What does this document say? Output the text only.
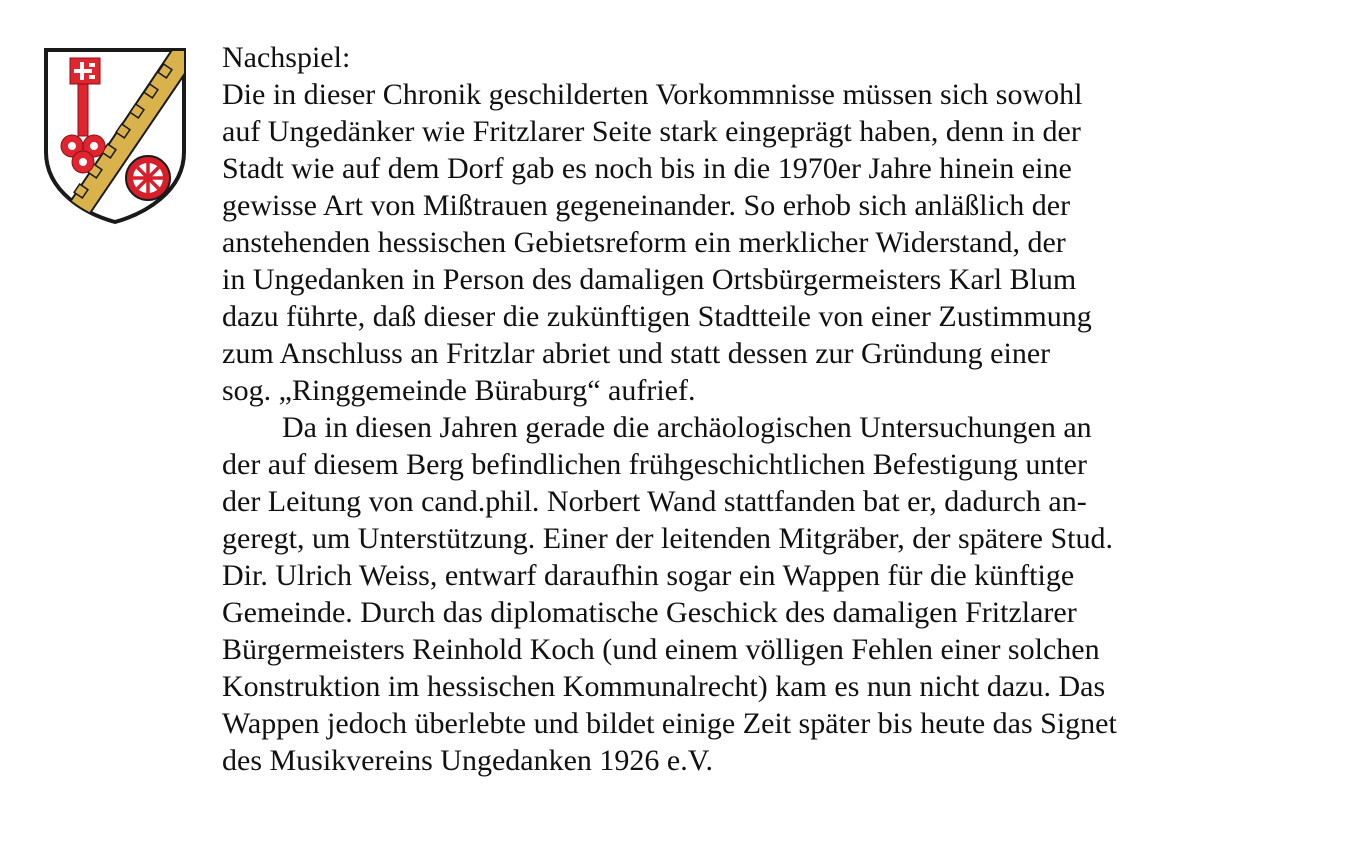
Nachspiel:
Die in dieser Chronik geschilderten Vorkommnisse müssen sich sowohl
auf Ungedänker wie Fritzlarer Seite stark eingeprägt haben, denn in der
Stadt wie auf dem Dorf gab es noch bis in die 1970er Jahre hinein eine
gewisse Art von Mißtrauen gegeneinander. So erhob sich anläßlich der
anstehenden hessischen Gebietsreform ein merklicher Widerstand, der
in Ungedanken in Person des damaligen Ortsbürgermeisters Karl Blum
dazu führte, daß dieser die zukünftigen Stadtteile von einer Zustimmung
zum Anschluss an Fritzlar abriet und statt dessen zur Gründung einer
sog. „Ringgemeinde Büraburg“ aufrief.
Da in diesen Jahren gerade die archäologischen Untersuchungen an
der auf diesem Berg befindlichen frühgeschichtlichen Befestigung unter
der Leitung von cand.phil. Norbert Wand stattfanden bat er, dadurch an-
geregt, um Unterstützung. Einer der leitenden Mitgräber, der spätere Stud.
Dir. Ulrich Weiss, entwarf daraufhin sogar ein Wappen für die künftige
Gemeinde. Durch das diplomatische Geschick des damaligen Fritzlarer
Bürgermeisters Reinhold Koch (und einem völligen Fehlen einer solchen
Konstruktion im hessischen Kommunalrecht) kam es nun nicht dazu. Das
Wappen jedoch überlebte und bildet einige Zeit später bis heute das Signet
des Musikvereins Ungedanken 1926 e.V.
